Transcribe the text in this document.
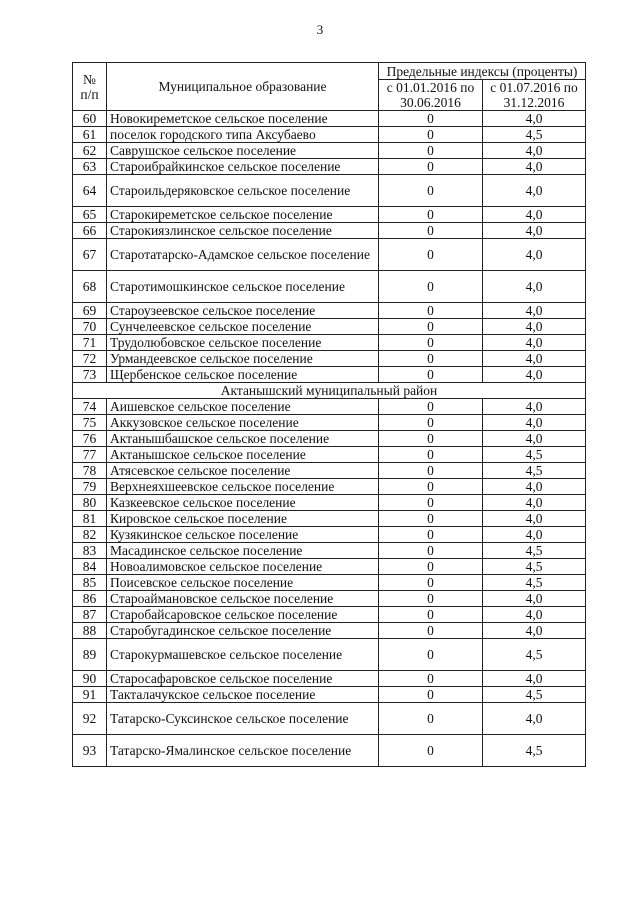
3
№ п/п	Муниципальное образование	Предельные индексы (проценты)	
		с 01.01.2016 по 30.06.2016	с 01.07.2016 по 31.12.2016
60	Новокиреметское сельское поселение	0	4,0
61	поселок городского типа Аксубаево	0	4,5
62	Саврушское сельское поселение	0	4,0
63	Староибрайкинское сельское поселение	0	4,0
64	Староильдеряковское сельское поселение	0	4,0
65	Старокиреметское сельское поселение	0	4,0
66	Старокиязлинское сельское поселение	0	4,0
67	Старотатарско-Адамское сельское поселение	0	4,0
68	Старотимошкинское сельское поселение	0	4,0
69	Староузеевское сельское поселение	0	4,0
70	Сунчелеевское сельское поселение	0	4,0
71	Трудолюбовское сельское поселение	0	4,0
72	Урмандеевское сельское поселение	0	4,0
73	Щербенское сельское поселение	0	4,0
Актанышский муниципальный район			
74	Аишевское сельское поселение	0	4,0
75	Аккузовское сельское поселение	0	4,0
76	Актанышбашское сельское поселение	0	4,0
77	Актанышское сельское поселение	0	4,5
78	Атясевское сельское поселение	0	4,5
79	Верхнеяхшеевское сельское поселение	0	4,0
80	Казкеевское сельское поселение	0	4,0
81	Кировское сельское поселение	0	4,0
82	Кузякинское сельское поселение	0	4,0
83	Масадинское сельское поселение	0	4,5
84	Новоалимовское сельское поселение	0	4,5
85	Поисевское сельское поселение	0	4,5
86	Староаймановское сельское поселение	0	4,0
87	Старобайсаровское сельское поселение	0	4,0
88	Старобугадинское сельское поселение	0	4,0
89	Старокурмашевское сельское поселение	0	4,5
90	Старосафаровское сельское поселение	0	4,0
91	Такталачукское сельское поселение	0	4,5
92	Татарско-Суксинское сельское поселение	0	4,0
93	Татарско-Ямалинское сельское поселение	0	4,5
